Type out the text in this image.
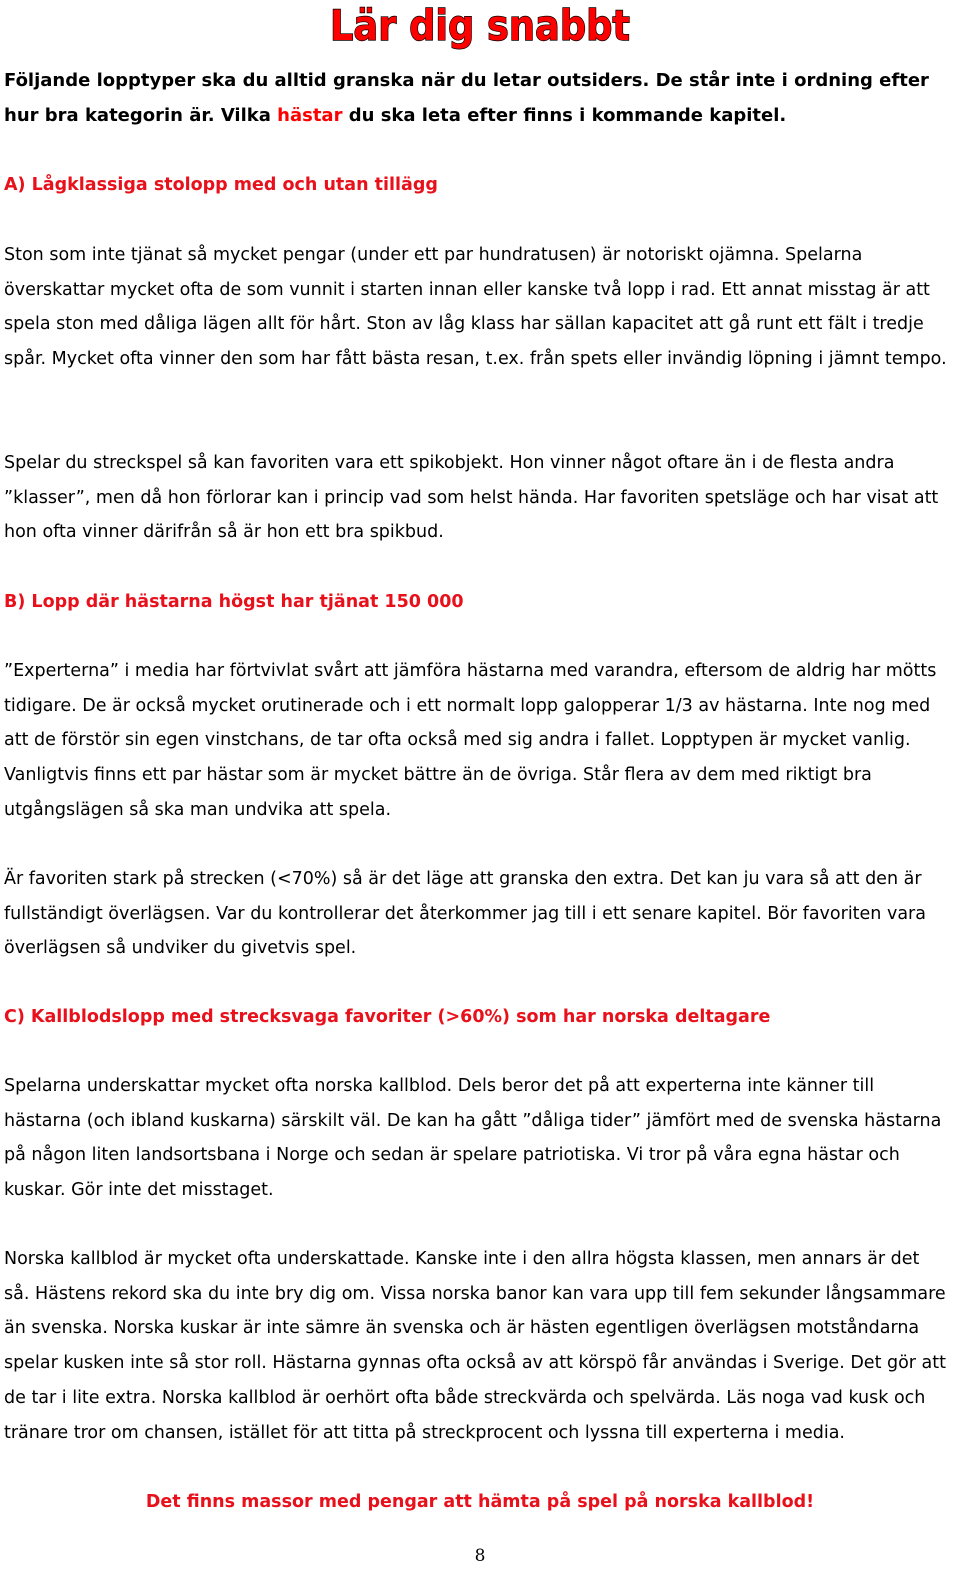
Lär dig snabbt
Följande lopptyper ska du alltid granska när du letar outsiders. De står inte i ordning efter hur bra kategorin är. Vilka hästar du ska leta efter finns i kommande kapitel.
A) Lågklassiga stolopp med och utan tillägg
Ston som inte tjänat så mycket pengar (under ett par hundratusen) är notoriskt ojämna. Spelarna överskattar mycket ofta de som vunnit i starten innan eller kanske två lopp i rad. Ett annat misstag är att spela ston med dåliga lägen allt för hårt. Ston av låg klass har sällan kapacitet att gå runt ett fält i tredje spår. Mycket ofta vinner den som har fått bästa resan, t.ex. från spets eller invändig löpning i jämnt tempo.
Spelar du streckspel så kan favoriten vara ett spikobjekt. Hon vinner något oftare än i de flesta andra ”klasser”, men då hon förlorar kan i princip vad som helst hända. Har favoriten spetsläge och har visat att hon ofta vinner därifrån så är hon ett bra spikbud.
B) Lopp där hästarna högst har tjänat 150 000
”Experterna” i media har förtvivlat svårt att jämföra hästarna med varandra, eftersom de aldrig har mötts tidigare. De är också mycket orutinerade och i ett normalt lopp galopperar 1/3 av hästarna. Inte nog med att de förstör sin egen vinstchans, de tar ofta också med sig andra i fallet. Lopptypen är mycket vanlig. Vanligtvis finns ett par hästar som är mycket bättre än de övriga. Står flera av dem med riktigt bra utgångslägen så ska man undvika att spela.
Är favoriten stark på strecken (<70%) så är det läge att granska den extra. Det kan ju vara så att den är fullständigt överlägsen. Var du kontrollerar det återkommer jag till i ett senare kapitel. Bör favoriten vara överlägsen så undviker du givetvis spel.
C) Kallblodslopp med strecksvaga favoriter (>60%) som har norska deltagare
Spelarna underskattar mycket ofta norska kallblod. Dels beror det på att experterna inte känner till hästarna (och ibland kuskarna) särskilt väl. De kan ha gått ”dåliga tider” jämfört med de svenska hästarna på någon liten landsortsbana i Norge och sedan är spelare patriotiska. Vi tror på våra egna hästar och kuskar. Gör inte det misstaget.
Norska kallblod är mycket ofta underskattade. Kanske inte i den allra högsta klassen, men annars är det så. Hästens rekord ska du inte bry dig om. Vissa norska banor kan vara upp till fem sekunder långsammare än svenska. Norska kuskar är inte sämre än svenska och är hästen egentligen överlägsen motståndarna spelar kusken inte så stor roll. Hästarna gynnas ofta också av att körspö får användas i Sverige. Det gör att de tar i lite extra. Norska kallblod är oerhört ofta både streckvärda och spelvärda. Läs noga vad kusk och tränare tror om chansen, istället för att titta på streckprocent och lyssna till experterna i media.
Det finns massor med pengar att hämta på spel på norska kallblod!
8
